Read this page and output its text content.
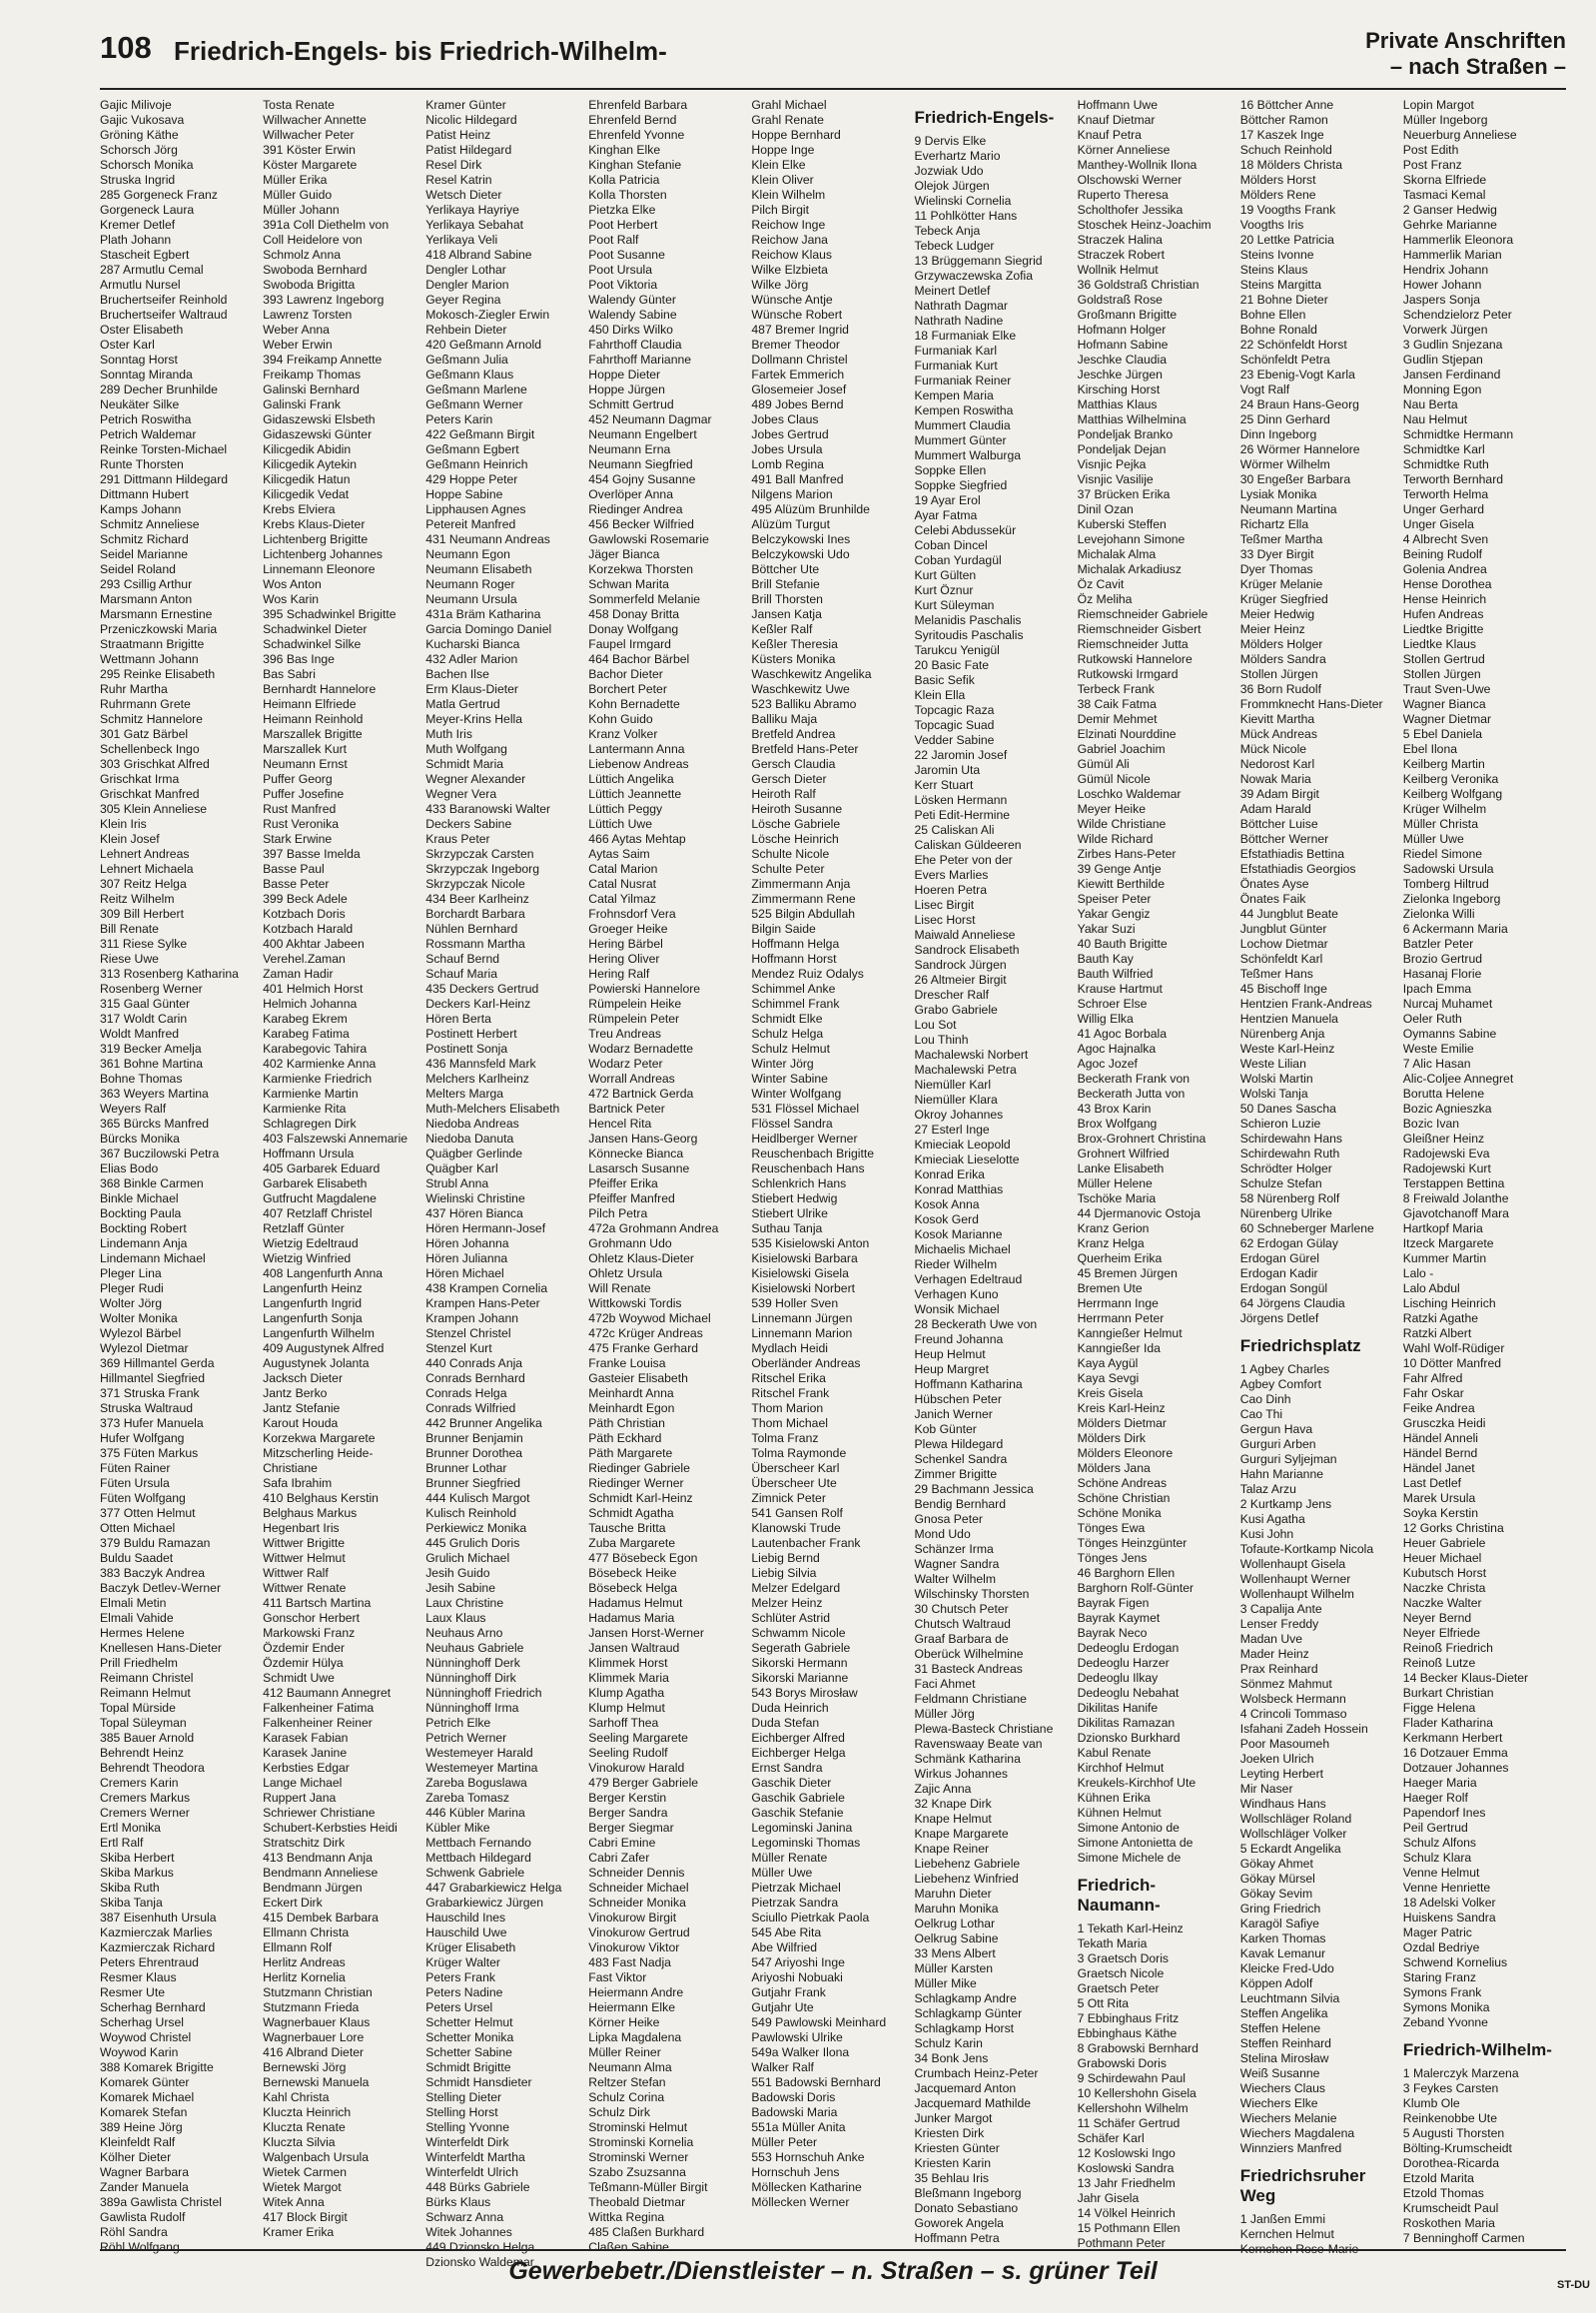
108 Friedrich-Engels- bis Friedrich-Wilhelm-	Private Anschriften
– nach Straßen –
Gajic Milivoje
Gajic Vukosava
Gröning Käthe
Schorsch Jörg
Schorsch Monika
Struska Ingrid
285 Gorgeneck Franz
Gorgeneck Laura
Kremer Detlef
Plath Johann
Stascheit Egbert
287 Armutlu Cemal
Armutlu Nursel
Bruchertseifer Reinhold
Bruchertseifer Waltraud
Oster Elisabeth
Oster Karl
Sonntag Horst
Sonntag Miranda
289 Decher Brunhilde
Neukäter Silke
Petrich Roswitha
Petrich Waldemar
Reinke Torsten-Michael
Runte Thorsten
291 Dittmann Hildegard
Dittmann Hubert
Kamps Johann
Schmitz Anneliese
Schmitz Richard
Seidel Marianne
Seidel Roland
293 Csillig Arthur
Marsmann Anton
Marsmann Ernestine
Przeniczkowski Maria
Straatmann Brigitte
Wettmann Johann
295 Reinke Elisabeth
Ruhr Martha
Ruhrmann Grete
Schmitz Hannelore
301 Gatz Bärbel
Schellenbeck Ingo
303 Grischkat Alfred
Grischkat Irma
Grischkat Manfred
305 Klein Anneliese
Klein Iris
Klein Josef
Lehnert Andreas
Lehnert Michaela
307 Reitz Helga
Reitz Wilhelm
309 Bill Herbert
Bill Renate
311 Riese Sylke
Riese Uwe
313 Rosenberg Katharina
Rosenberg Werner
315 Gaal Günter
317 Woldt Carin
Woldt Manfred
319 Becker Amelja
361 Bohne Martina
Bohne Thomas
363 Weyers Martina
Weyers Ralf
365 Bürcks Manfred
Bürcks Monika
367 Buczilowski Petra
Elias Bodo
368 Binkle Carmen
Binkle Michael
Bockting Paula
Bockting Robert
Lindemann Anja
Lindemann Michael
Pleger Lina
Pleger Rudi
Wolter Jörg
Wolter Monika
Wylezol Bärbel
Wylezol Dietmar
369 Hillmantel Gerda
Hillmantel Siegfried
371 Struska Frank
Struska Waltraud
373 Hufer Manuela
Hufer Wolfgang
375 Füten Markus
Füten Rainer
Füten Ursula
Füten Wolfgang
377 Otten Helmut
Otten Michael
379 Buldu Ramazan
Buldu Saadet
383 Baczyk Andrea
Baczyk Detlev-Werner
Elmali Metin
Elmali Vahide
Hermes Helene
Knellesen Hans-Dieter
Prill Friedhelm
Reimann Christel
Reimann Helmut
Topal Mürside
Topal Süleyman
385 Bauer Arnold
Behrendt Heinz
Behrendt Theodora
Cremers Karin
Cremers Markus
Cremers Werner
Ertl Monika
Ertl Ralf
Skiba Herbert
Skiba Markus
Skiba Ruth
Skiba Tanja
387 Eisenhuth Ursula
Kazmierczak Marlies
Kazmierczak Richard
Peters Ehrentraud
Resmer Klaus
Resmer Ute
Scherhag Bernhard
Scherhag Ursel
Woywod Christel
Woywod Karin
388 Komarek Brigitte
Komarek Günter
Komarek Michael
Komarek Stefan
389 Heine Jörg
Kleinfeldt Ralf
Kölher Dieter
Wagner Barbara
Zander Manuela
389a Gawlista Christel
Gawlista Rudolf
Röhl Sandra
Röhl Wolfgang
Tosta Renate
Willwacher Annette
Willwacher Peter
391 Köster Erwin
Köster Margarete
Müller Erika
Müller Guido
Müller Johann
391a Coll Diethelm von
Coll Heidelore von
Schmolz Anna
Swoboda Bernhard
Swoboda Brigitta
393 Lawrenz Ingeborg
Lawrenz Torsten
Weber Anna
Weber Erwin
394 Freikamp Annette
Freikamp Thomas
Galinski Bernhard
Galinski Frank
Gidaszewski Elsbeth
Gidaszewski Günter
Kilicgedik Abidin
Kilicgedik Aytekin
Kilicgedik Hatun
Kilicgedik Vedat
Krebs Elviera
Krebs Klaus-Dieter
Lichtenberg Brigitte
Lichtenberg Johannes
Linnemann Eleonore
Wos Anton
Wos Karin
395 Schadwinkel Brigitte
Schadwinkel Dieter
Schadwinkel Silke
396 Bas Inge
Bas Sabri
Bernhardt Hannelore
Heimann Elfriede
Heimann Reinhold
Marszallek Brigitte
Marszallek Kurt
Neumann Ernst
Puffer Georg
Puffer Josefine
Rust Manfred
Rust Veronika
Stark Erwine
397 Basse Imelda
Basse Paul
Basse Peter
399 Beck Adele
Kotzbach Doris
Kotzbach Harald
400 Akhtar Jabeen
Verehel.Zaman
Zaman Hadir
401 Helmich Horst
Helmich Johanna
Karabeg Ekrem
Karabeg Fatima
Karabegovic Tahira
402 Karmienke Anna
Karmienke Friedrich
Karmienke Martin
Karmienke Rita
Schlagregen Dirk
403 Falszewski Annemarie
Hoffmann Ursula
405 Garbarek Eduard
Garbarek Elisabeth
Gutfrucht Magdalene
407 Retzlaff Christel
Retzlaff Günter
Wietzig Edeltraud
Wietzig Winfried
408 Langenfurth Anna
Langenfurth Heinz
Langenfurth Ingrid
Langenfurth Sonja
Langenfurth Wilhelm
409 Augustynek Alfred
Augustynek Jolanta
Jacksch Dieter
Jantz Berko
Jantz Stefanie
Karout Houda
Korzekwa Margarete
Mitzscherling Heide-
Christiane
Safa Ibrahim
410 Belghaus Kerstin
Belghaus Markus
Hegenbart Iris
Wittwer Brigitte
Wittwer Helmut
Wittwer Ralf
Wittwer Renate
411 Bartsch Martina
Gonschor Herbert
Markowski Franz
Özdemir Ender
Özdemir Hülya
Schmidt Uwe
412 Baumann Annegret
Falkenheiner Fatima
Falkenheiner Reiner
Karasek Fabian
Karasek Janine
Kerbsties Edgar
Lange Michael
Ruppert Jana
Schriewer Christiane
Schubert-Kerbsties Heidi
Stratschitz Dirk
413 Bendmann Anja
Bendmann Anneliese
Bendmann Jürgen
Eckert Dirk
415 Dembek Barbara
Ellmann Christa
Ellmann Rolf
Herlitz Andreas
Herlitz Kornelia
Stutzmann Christian
Stutzmann Frieda
Wagnerbauer Klaus
Wagnerbauer Lore
416 Albrand Dieter
Bernewski Jörg
Bernewski Manuela
Kahl Christa
Kluczta Heinrich
Kluczta Renate
Kluczta Silvia
Walgenbach Ursula
Wietek Carmen
Wietek Margot
Witek Anna
417 Block Birgit
Kramer Erika
Kramer Günter
Nicolic Hildegard
Patist Heinz
Patist Hildegard
Resel Dirk
Resel Katrin
Wetsch Dieter
Yerlikaya Hayriye
Yerlikaya Sebahat
Yerlikaya Veli
418 Albrand Sabine
Dengler Lothar
Dengler Marion
Geyer Regina
Mokosch-Ziegler Erwin
Rehbein Dieter
420 Geßmann Arnold
Geßmann Julia
Geßmann Klaus
Geßmann Marlene
Geßmann Werner
Peters Karin
422 Geßmann Birgit
Geßmann Egbert
Geßmann Heinrich
429 Hoppe Peter
Hoppe Sabine
Lipphausen Agnes
Petereit Manfred
431 Neumann Andreas
Neumann Egon
Neumann Elisabeth
Neumann Roger
Neumann Ursula
431a Bräm Katharina
Garcia Domingo Daniel
Kucharski Bianca
432 Adler Marion
Bachen Ilse
Erm Klaus-Dieter
Matla Gertrud
Meyer-Krins Hella
Muth Iris
Muth Wolfgang
Schmidt Maria
Wegner Alexander
Wegner Vera
433 Baranowski Walter
Deckers Sabine
Kraus Peter
Skrzypczak Carsten
Skrzypczak Ingeborg
Skrzypczak Nicole
434 Beer Karlheinz
Borchardt Barbara
Nühlen Bernhard
Rossmann Martha
Schauf Bernd
Schauf Maria
435 Deckers Gertrud
Deckers Karl-Heinz
Hören Berta
Postinett Herbert
Postinett Sonja
436 Mannsfeld Mark
Melchers Karlheinz
Melters Marga
Muth-Melchers Elisabeth
Niedoba Andreas
Niedoba Danuta
Quägber Gerlinde
Quägber Karl
Strubl Anna
Wielinski Christine
437 Hören Bianca
Hören Hermann-Josef
Hören Johanna
Hören Julianna
Hören Michael
438 Krampen Cornelia
Krampen Hans-Peter
Krampen Johann
Stenzel Christel
Stenzel Kurt
440 Conrads Anja
Conrads Bernhard
Conrads Helga
Conrads Wilfried
442 Brunner Angelika
Brunner Benjamin
Brunner Dorothea
Brunner Lothar
Brunner Siegfried
444 Kulisch Margot
Kulisch Reinhold
Perkiewicz Monika
445 Grulich Doris
Grulich Michael
Jesih Guido
Jesih Sabine
Laux Christine
Laux Klaus
Neuhaus Arno
Neuhaus Gabriele
Nünninghoff Derk
Nünninghoff Dirk
Nünninghoff Friedrich
Nünninghoff Irma
Petrich Elke
Petrich Werner
Westemeyer Harald
Westemeyer Martina
Zareba Boguslawa
Zareba Tomasz
446 Kübler Marina
Kübler Mike
Mettbach Fernando
Mettbach Hildegard
Schwenk Gabriele
447 Grabarkiewicz Helga
Grabarkiewicz Jürgen
Hauschild Ines
Hauschild Uwe
Krüger Elisabeth
Krüger Walter
Peters Frank
Peters Nadine
Peters Ursel
Schetter Helmut
Schetter Monika
Schetter Sabine
Schmidt Brigitte
Schmidt Hansdieter
Stelling Dieter
Stelling Horst
Stelling Yvonne
Winterfeldt Dirk
Winterfeldt Martha
Winterfeldt Ulrich
448 Bürks Gabriele
Bürks Klaus
Schwarz Anna
Witek Johannes
449 Dzionsko Helga
Dzionsko Waldemar
Ehrenfeld Barbara
Ehrenfeld Bernd
Ehrenfeld Yvonne
Kinghan Elke
Kinghan Stefanie
Kolla Patricia
Kolla Thorsten
Pietzka Elke
Poot Herbert
Poot Ralf
Poot Susanne
Poot Ursula
Poot Viktoria
Walendy Günter
Walendy Sabine
450 Dirks Wilko
Fahrthoff Claudia
Fahrthoff Marianne
Hoppe Dieter
Hoppe Jürgen
Schmitt Gertrud
452 Neumann Dagmar
Neumann Engelbert
Neumann Erna
Neumann Siegfried
454 Gojny Susanne
Overlöper Anna
Riedinger Andrea
456 Becker Wilfried
Gawlowski Rosemarie
Jäger Bianca
Korzekwa Thorsten
Schwan Marita
Sommerfeld Melanie
458 Donay Britta
Donay Wolfgang
Faupel Irmgard
464 Bachor Bärbel
Bachor Dieter
Borchert Peter
Kohn Bernadette
Kohn Guido
Kranz Volker
Lantermann Anna
Liebenow Andreas
Lüttich Angelika
Lüttich Jeannette
Lüttich Peggy
Lüttich Uwe
466 Aytas Mehtap
Aytas Saim
Catal Marion
Catal Nusrat
Catal Yilmaz
Frohnsdorf Vera
Groeger Heike
Hering Bärbel
Hering Oliver
Hering Ralf
Powierski Hannelore
Rümpelein Heike
Rümpelein Peter
Treu Andreas
Wodarz Bernadette
Wodarz Peter
Worrall Andreas
472 Bartnick Gerda
Bartnick Peter
Hencel Rita
Jansen Hans-Georg
Könnecke Bianca
Lasarsch Susanne
Pfeiffer Erika
Pfeiffer Manfred
Pilch Petra
472a Grohmann Andrea
Grohmann Udo
Ohletz Klaus-Dieter
Ohletz Ursula
Will Renate
Wittkowski Tordis
472b Woywod Michael
472c Krüger Andreas
475 Franke Gerhard
Franke Louisa
Gasteier Elisabeth
Meinhardt Anna
Meinhardt Egon
Päth Christian
Päth Eckhard
Päth Margarete
Riedinger Gabriele
Riedinger Werner
Schmidt Karl-Heinz
Schmidt Agatha
Tausche Britta
Zuba Margarete
477 Bösebeck Egon
Bösebeck Heike
Bösebeck Helga
Hadamus Helmut
Hadamus Maria
Jansen Horst-Werner
Jansen Waltraud
Klimmek Horst
Klimmek Maria
Klump Agatha
Klump Helmut
Sarhoff Thea
Seeling Margarete
Seeling Rudolf
Vinokurow Harald
479 Berger Gabriele
Berger Kerstin
Berger Sandra
Berger Siegmar
Cabri Emine
Cabri Zafer
Schneider Dennis
Schneider Michael
Schneider Monika
Vinokurow Birgit
Vinokurow Gertrud
Vinokurow Viktor
483 Fast Nadja
Fast Viktor
Heiermann Andre
Heiermann Elke
Körner Heike
Lipka Magdalena
Müller Reiner
Neumann Alma
Reltzer Stefan
Schulz Corina
Schulz Dirk
Strominski Helmut
Strominski Kornelia
Strominski Werner
Szabo Zsuzsanna
Teßmann-Müller Birgit
Theobald Dietmar
Wittka Regina
485 Claßen Burkhard
Claßen Sabine
Grahl Michael
Grahl Renate
Hoppe Bernhard
Hoppe Inge
Klein Elke
Klein Oliver
Klein Wilhelm
Pilch Birgit
Reichow Inge
Reichow Jana
Reichow Klaus
Wilke Elzbieta
Wilke Jörg
Wünsche Antje
Wünsche Robert
487 Bremer Ingrid
Bremer Theodor
Dollmann Christel
Fartek Emmerich
Glosemeier Josef
489 Jobes Bernd
Jobes Claus
Jobes Gertrud
Jobes Ursula
Lomb Regina
491 Ball Manfred
Nilgens Marion
495 Alüzüm Brunhilde
Alüzüm Turgut
Belczykowski Ines
Belczykowski Udo
Böttcher Ute
Brill Stefanie
Brill Thorsten
Jansen Katja
Keßler Ralf
Keßler Theresia
Küsters Monika
Waschkewitz Angelika
Waschkewitz Uwe
523 Balliku Abramo
Balliku Maja
Bretfeld Andrea
Bretfeld Hans-Peter
Gersch Claudia
Gersch Dieter
Heiroth Ralf
Heiroth Susanne
Lösche Gabriele
Lösche Heinrich
Schulte Nicole
Schulte Peter
Zimmermann Anja
Zimmermann Rene
525 Bilgin Abdullah
Bilgin Saide
Hoffmann Helga
Hoffmann Horst
Mendez Ruiz Odalys
Schimmel Anke
Schimmel Frank
Schmidt Elke
Schulz Helga
Schulz Helmut
Winter Jörg
Winter Sabine
Winter Wolfgang
531 Flössel Michael
Flössel Sandra
Heidlberger Werner
Reuschenbach Brigitte
Reuschenbach Hans
Schlenkrich Hans
Stiebert Hedwig
Stiebert Ulrike
Suthau Tanja
535 Kisielowski Anton
Kisielowski Barbara
Kisielowski Gisela
Kisielowski Norbert
539 Holler Sven
Linnemann Jürgen
Linnemann Marion
Mydlach Heidi
Oberländer Andreas
Ritschel Erika
Ritschel Frank
Thom Marion
Thom Michael
Tolma Franz
Tolma Raymonde
Überscheer Karl
Überscheer Ute
Zimnick Peter
541 Gansen Rolf
Klanowski Trude
Lautenbacher Frank
Liebig Bernd
Liebig Silvia
Melzer Edelgard
Melzer Heinz
Schlüter Astrid
Schwamm Nicole
Segerath Gabriele
Sikorski Hermann
Sikorski Marianne
543 Borys Mirosław
Duda Heinrich
Duda Stefan
Eichberger Alfred
Eichberger Helga
Ernst Sandra
Gaschik Dieter
Gaschik Gabriele
Gaschik Stefanie
Legominski Janina
Legominski Thomas
Müller Renate
Müller Uwe
Pietrzak Michael
Pietrzak Sandra
Sciullo Pietrkak Paola
545 Abe Rita
Abe Wilfried
547 Ariyoshi Inge
Ariyoshi Nobuaki
Gutjahr Frank
Gutjahr Ute
549 Pawlowski Meinhard
Pawlowski Ulrike
549a Walker Ilona
Walker Ralf
551 Badowski Bernhard
Badowski Doris
Badowski Maria
551a Müller Anita
Müller Peter
553 Hornschuh Anke
Hornschuh Jens
Möllecken Katharine
Möllecken Werner
Friedrich-Engels-
9 Dervis Elke
Everhartz Mario
Jozwiak Udo
Olejok Jürgen
Wielinski Cornelia
11 Pohlkötter Hans
Tebeck Anja
Tebeck Ludger
13 Brüggemann Siegrid
Grzywaczewska Zofia
Meinert Detlef
Nathrath Dagmar
Nathrath Nadine
18 Furmaniak Elke
Furmaniak Karl
Furmaniak Kurt
Furmaniak Reiner
Kempen Maria
Kempen Roswitha
Mummert Claudia
Mummert Günter
Mummert Walburga
Soppke Ellen
Soppke Siegfried
19 Ayar Erol
Ayar Fatma
Celebi Abdussekür
Coban Dincel
Coban Yurdagül
Kurt Gülten
Kurt Öznur
Kurt Süleyman
Melanidis Paschalis
Syritoudis Paschalis
Tarukcu Yenigül
20 Basic Fate
Basic Sefik
Klein Ella
Topcagic Raza
Topcagic Suad
Vedder Sabine
22 Jaromin Josef
Jaromin Uta
Kerr Stuart
Lösken Hermann
Peti Edit-Hermine
25 Caliskan Ali
Caliskan Güldeeren
Ehe Peter von der
Evers Marlies
Hoeren Petra
Lisec Birgit
Lisec Horst
Maiwald Anneliese
Sandrock Elisabeth
Sandrock Jürgen
26 Altmeier Birgit
Drescher Ralf
Grabo Gabriele
Lou Sot
Lou Thinh
Machalewski Norbert
Machalewski Petra
Niemüller Karl
Niemüller Klara
Okroy Johannes
27 Esterl Inge
Kmieciak Leopold
Kmieciak Lieselotte
Konrad Erika
Konrad Matthias
Kosok Anna
Kosok Gerd
Kosok Marianne
Michaelis Michael
Rieder Wilhelm
Verhagen Edeltraud
Verhagen Kuno
Wonsik Michael
28 Beckerath Uwe von
Freund Johanna
Heup Helmut
Heup Margret
Hoffmann Katharina
Hübschen Peter
Janich Werner
Kob Günter
Plewa Hildegard
Schenkel Sandra
Zimmer Brigitte
29 Bachmann Jessica
Bendig Bernhard
Gnosa Peter
Mond Udo
Schänzer Irma
Wagner Sandra
Walter Wilhelm
Wilschinsky Thorsten
30 Chutsch Peter
Chutsch Waltraud
Graaf Barbara de
Oberück Wilhelmine
31 Basteck Andreas
Faci Ahmet
Feldmann Christiane
Müller Jörg
Plewa-Basteck Christiane
Ravenswaay Beate van
Schmänk Katharina
Wirkus Johannes
Zajic Anna
32 Knape Dirk
Knape Helmut
Knape Margarete
Knape Reiner
Liebehenz Gabriele
Liebehenz Winfried
Maruhn Dieter
Maruhn Monika
Oelkrug Lothar
Oelkrug Sabine
33 Mens Albert
Müller Karsten
Müller Mike
Schlagkamp Andre
Schlagkamp Günter
Schlagkamp Horst
Schulz Karin
34 Bonk Jens
Crumbach Heinz-Peter
Jacquemard Anton
Jacquemard Mathilde
Junker Margot
Kriesten Dirk
Kriesten Günter
Kriesten Karin
35 Behlau Iris
Bleßmann Ingeborg
Donato Sebastiano
Goworek Angela
Hoffmann Petra
Hoffmann Uwe
Knauf Dietmar
Knauf Petra
Körner Anneliese
Manthey-Wollnik Ilona
Olschowski Werner
Ruperto Theresa
Scholthofer Jessika
Stoschek Heinz-Joachim
Straczek Halina
Straczek Robert
Wollnik Helmut
36 Goldstraß Christian
Goldstraß Rose
Großmann Brigitte
Hofmann Holger
Hofmann Sabine
Jeschke Claudia
Jeschke Jürgen
Kirsching Horst
Matthias Klaus
Matthias Wilhelmina
Pondeljak Branko
Pondeljak Dejan
Visnjic Pejka
Visnjic Vasilije
37 Brücken Erika
Dinil Ozan
Kuberski Steffen
Levejohann Simone
Michalak Alma
Michalak Arkadiusz
Öz Cavit
Öz Meliha
Riemschneider Gabriele
Riemschneider Gisbert
Riemschneider Jutta
Rutkowski Hannelore
Rutkowski Irmgard
Terbeck Frank
38 Caik Fatma
Demir Mehmet
Elzinati Nourddine
Gabriel Joachim
Gümül Ali
Gümül Nicole
Loschko Waldemar
Meyer Heike
Wilde Christiane
Wilde Richard
Zirbes Hans-Peter
39 Genge Antje
Kiewitt Berthilde
Speiser Peter
Yakar Gengiz
Yakar Suzi
40 Bauth Brigitte
Bauth Kay
Bauth Wilfried
Krause Hartmut
Schroer Else
Willig Elka
41 Agoc Borbala
Agoc Hajnalka
Agoc Jozef
Beckerath Frank von
Beckerath Jutta von
43 Brox Karin
Brox Wolfgang
Brox-Grohnert Christina
Grohnert Wilfried
Lanke Elisabeth
Müller Helene
Tschöke Maria
44 Djermanovic Ostoja
Kranz Gerion
Kranz Helga
Querheim Erika
45 Bremen Jürgen
Bremen Ute
Herrmann Inge
Herrmann Peter
Kanngießer Helmut
Kanngießer Ida
Kaya Aygül
Kaya Sevgi
Kreis Gisela
Kreis Karl-Heinz
Mölders Dietmar
Mölders Dirk
Mölders Eleonore
Mölders Jana
Schöne Andreas
Schöne Christian
Schöne Monika
Tönges Ewa
Tönges Heinzgünter
Tönges Jens
46 Barghorn Ellen
Barghorn Rolf-Günter
Bayrak Figen
Bayrak Kaymet
Bayrak Neco
Dedeoglu Erdogan
Dedeoglu Harzer
Dedeoglu Ilkay
Dedeoglu Nebahat
Dikilitas Hanife
Dikilitas Ramazan
Dzionsko Burkhard
Kabul Renate
Kirchhof Helmut
Kreukels-Kirchhof Ute
Kühnen Erika
Kühnen Helmut
Simone Antonio de
Simone Antonietta de
Simone Michele de
Friedrich-Naumann-
1 Tekath Karl-Heinz
Tekath Maria
3 Graetsch Doris
Graetsch Nicole
Graetsch Peter
5 Ott Rita
7 Ebbinghaus Fritz
Ebbinghaus Käthe
8 Grabowski Bernhard
Grabowski Doris
9 Schirdewahn Paul
10 Kellershohn Gisela
Kellershohn Wilhelm
11 Schäfer Gertrud
Schäfer Karl
12 Koslowski Ingo
Koslowski Sandra
13 Jahr Friedhelm
Jahr Gisela
14 Völkel Heinrich
15 Pothmann Ellen
Pothmann Peter
16 Böttcher Anne
Böttcher Ramon
17 Kaszek Inge
Schuch Reinhold
18 Mölders Christa
Mölders Horst
Mölders Rene
19 Voogths Frank
Voogths Iris
20 Lettke Patricia
Steins Ivonne
Steins Klaus
Steins Margitta
21 Bohne Dieter
Bohne Ellen
Bohne Ronald
22 Schönfeldt Horst
Schönfeldt Petra
23 Ebenig-Vogt Karla
Vogt Ralf
24 Braun Hans-Georg
25 Dinn Gerhard
Dinn Ingeborg
26 Wörmer Hannelore
Wörmer Wilhelm
30 Engeßer Barbara
Lysiak Monika
Neumann Martina
Richartz Ella
Teßmer Martha
33 Dyer Birgit
Dyer Thomas
Krüger Melanie
Krüger Siegfried
Meier Hedwig
Meier Heinz
Mölders Holger
Mölders Sandra
Stollen Jürgen
36 Born Rudolf
Frommknecht Hans-Dieter
Kievitt Martha
Mück Andreas
Mück Nicole
Nedorost Karl
Nowak Maria
39 Adam Birgit
Adam Harald
Böttcher Luise
Böttcher Werner
Efstathiadis Bettina
Efstathiadis Georgios
Önates Ayse
Önates Faik
44 Jungblut Beate
Jungblut Günter
Lochow Dietmar
Schönfeldt Karl
Teßmer Hans
45 Bischoff Inge
Hentzien Frank-Andreas
Hentzien Manuela
Nürenberg Anja
Weste Karl-Heinz
Weste Lilian
Wolski Martin
Wolski Tanja
50 Danes Sascha
Schieron Luzie
Schirdewahn Hans
Schirdewahn Ruth
Schrödter Holger
Schulze Stefan
58 Nürenberg Rolf
Nürenberg Ulrike
60 Schneberger Marlene
62 Erdogan Gülay
Erdogan Gürel
Erdogan Kadir
Erdogan Songül
64 Jörgens Claudia
Jörgens Detlef
Friedrichsplatz
1 Agbey Charles
Agbey Comfort
Cao Dinh
Cao Thi
Gergun Hava
Gurguri Arben
Gurguri Syljejman
Hahn Marianne
Talaz Arzu
2 Kurtkamp Jens
Kusi Agatha
Kusi John
Tofaute-Kortkamp Nicola
Wollenhaupt Gisela
Wollenhaupt Werner
Wollenhaupt Wilhelm
3 Capalija Ante
Lenser Freddy
Madan Uve
Mader Heinz
Prax Reinhard
Sönmez Mahmut
Wolsbeck Hermann
4 Crincoli Tommaso
Isfahani Zadeh Hossein
Poor Masoumeh
Joeken Ulrich
Leyting Herbert
Mir Naser
Windhaus Hans
Wollschläger Roland
Wollschläger Volker
5 Eckardt Angelika
Gökay Ahmet
Gökay Mürsel
Gökay Sevim
Gring Friedrich
Karagöl Safiye
Karken Thomas
Kavak Lemanur
Kleicke Fred-Udo
Köppen Adolf
Leuchtmann Silvia
Steffen Angelika
Steffen Helene
Steffen Reinhard
Stelina Mirosław
Weiß Susanne
Wiechers Claus
Wiechers Elke
Wiechers Melanie
Wiechers Magdalena
Winnziers Manfred
Friedrichsruher Weg
1 Janßen Emmi
Kernchen Helmut
Kernchen Rose-Marie
Lopin Margot
Müller Ingeborg
Neuerburg Anneliese
Post Edith
Post Franz
Skorna Elfriede
Tasmaci Kemal
2 Ganser Hedwig
Gehrke Marianne
Hammerlik Eleonora
Hammerlik Marian
Hendrix Johann
Hower Johann
Jaspers Sonja
Schendzielorz Peter
Vorwerk Jürgen
3 Gudlin Snjezana
Gudlin Stjepan
Jansen Ferdinand
Monning Egon
Nau Berta
Nau Helmut
Schmidtke Hermann
Schmidtke Karl
Schmidtke Ruth
Terworth Bernhard
Terworth Helma
Unger Gerhard
Unger Gisela
4 Albrecht Sven
Beining Rudolf
Golenia Andrea
Hense Dorothea
Hense Heinrich
Hufen Andreas
Liedtke Brigitte
Liedtke Klaus
Stollen Gertrud
Stollen Jürgen
Traut Sven-Uwe
Wagner Bianca
Wagner Dietmar
5 Ebel Daniela
Ebel Ilona
Keilberg Martin
Keilberg Veronika
Keilberg Wolfgang
Krüger Wilhelm
Müller Christa
Müller Uwe
Riedel Simone
Sadowski Ursula
Tomberg Hiltrud
Zielonka Ingeborg
Zielonka Willi
6 Ackermann Maria
Batzler Peter
Brozio Gertrud
Hasanaj Florie
Ipach Emma
Nurcaj Muhamet
Oeler Ruth
Oymanns Sabine
Weste Emilie
7 Alic Hasan
Alic-Coljee Annegret
Borutta Helene
Bozic Agnieszka
Bozic Ivan
Gleißner Heinz
Radojewski Eva
Radojewski Kurt
Terstappen Bettina
8 Freiwald Jolanthe
Gjavotchanoff Mara
Hartkopf Maria
Itzeck Margarete
Kummer Martin
Lalo -
Lalo Abdul
Lisching Heinrich
Ratzki Agathe
Ratzki Albert
Wahl Wolf-Rüdiger
10 Dötter Manfred
Fahr Alfred
Fahr Oskar
Feike Andrea
Grusczka Heidi
Händel Anneli
Händel Bernd
Händel Janet
Last Detlef
Marek Ursula
Soyka Kerstin
12 Gorks Christina
Heuer Gabriele
Heuer Michael
Kubutsch Horst
Naczke Christa
Naczke Walter
Neyer Bernd
Neyer Elfriede
Reinoß Friedrich
Reinoß Lutze
14 Becker Klaus-Dieter
Burkart Christian
Figge Helena
Flader Katharina
Kerkmann Herbert
16 Dotzauer Emma
Dotzauer Johannes
Haeger Maria
Haeger Rolf
Papendorf Ines
Peil Gertrud
Schulz Alfons
Schulz Klara
Venne Helmut
Venne Henriette
18 Adelski Volker
Huiskens Sandra
Mager Patric
Ozdal Bedriye
Schwend Kornelius
Staring Franz
Symons Frank
Symons Monika
Zeband Yvonne
Friedrich-Wilhelm-
1 Malerczyk Marzena
3 Feykes Carsten
Klumb Ole
Reinkenobbe Ute
5 Augusti Thorsten
Bölting-Krumscheidt
Dorothea-Ricarda
Etzold Marita
Etzold Thomas
Krumscheidt Paul
Roskothen Maria
7 Benninghoff Carmen
Gewerbebetr./Dienstleister – n. Straßen – s. grüner Teil	ST-DU
